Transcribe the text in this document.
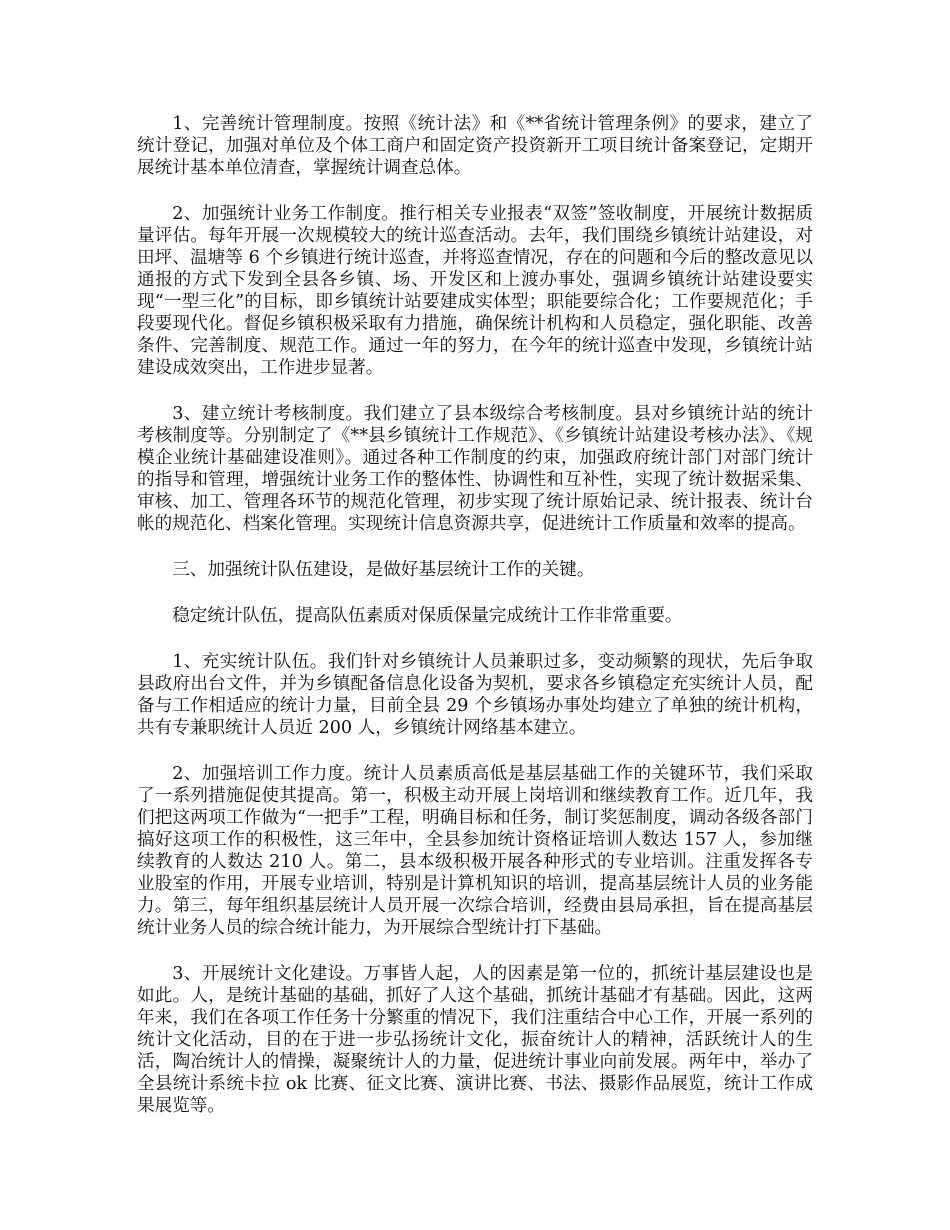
1、完善统计管理制度。按照《统计法》和《**省统计管理条例》的要求，建立了统计登记，加强对单位及个体工商户和固定资产投资新开工项目统计备案登记，定期开展统计基本单位清查，掌握统计调查总体。

2、加强统计业务工作制度。推行相关专业报表“双签”签收制度，开展统计数据质量评估。每年开展一次规模较大的统计巡查活动。去年，我们围绕乡镇统计站建设，对田坪、温塘等 6 个乡镇进行统计巡查，并将巡查情况，存在的问题和今后的整改意见以通报的方式下发到全县各乡镇、场、开发区和上渡办事处，强调乡镇统计站建设要实现“一型三化”的目标，即乡镇统计站要建成实体型；职能要综合化；工作要规范化；手段要现代化。督促乡镇积极采取有力措施，确保统计机构和人员稳定，强化职能、改善条件、完善制度、规范工作。通过一年的努力，在今年的统计巡查中发现，乡镇统计站建设成效突出，工作进步显著。

3、建立统计考核制度。我们建立了县本级综合考核制度。县对乡镇统计站的统计考核制度等。分别制定了《**县乡镇统计工作规范》、《乡镇统计站建设考核办法》、《规模企业统计基础建设准则》。通过各种工作制度的约束，加强政府统计部门对部门统计的指导和管理，增强统计业务工作的整体性、协调性和互补性，实现了统计数据采集、审核、加工、管理各环节的规范化管理，初步实现了统计原始记录、统计报表、统计台帐的规范化、档案化管理。实现统计信息资源共享，促进统计工作质量和效率的提高。

三、加强统计队伍建设，是做好基层统计工作的关键。

稳定统计队伍，提高队伍素质对保质保量完成统计工作非常重要。

1、充实统计队伍。我们针对乡镇统计人员兼职过多，变动频繁的现状，先后争取县政府出台文件，并为乡镇配备信息化设备为契机，要求各乡镇稳定充实统计人员，配备与工作相适应的统计力量，目前全县 29 个乡镇场办事处均建立了单独的统计机构，共有专兼职统计人员近 200 人，乡镇统计网络基本建立。

2、加强培训工作力度。统计人员素质高低是基层基础工作的关键环节，我们采取了一系列措施促使其提高。第一，积极主动开展上岗培训和继续教育工作。近几年，我们把这两项工作做为“一把手”工程，明确目标和任务，制订奖惩制度，调动各级各部门搞好这项工作的积极性，这三年中，全县参加统计资格证培训人数达 157 人，参加继续教育的人数达 210 人。第二，县本级积极开展各种形式的专业培训。注重发挥各专业股室的作用，开展专业培训，特别是计算机知识的培训，提高基层统计人员的业务能力。第三，每年组织基层统计人员开展一次综合培训，经费由县局承担，旨在提高基层统计业务人员的综合统计能力，为开展综合型统计打下基础。

3、开展统计文化建设。万事皆人起，人的因素是第一位的，抓统计基层建设也是如此。人，是统计基础的基础，抓好了人这个基础，抓统计基础才有基础。因此，这两年来，我们在各项工作任务十分繁重的情况下，我们注重结合中心工作，开展一系列的统计文化活动，目的在于进一步弘扬统计文化，振奋统计人的精神，活跃统计人的生活，陶冶统计人的情操，凝聚统计人的力量，促进统计事业向前发展。两年中，举办了全县统计系统卡拉 ok 比赛、征文比赛、演讲比赛、书法、摄影作品展览，统计工作成果展览等。
